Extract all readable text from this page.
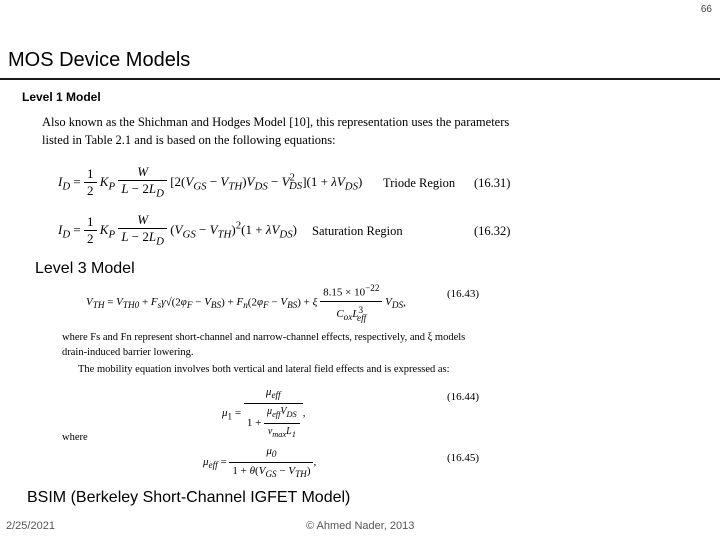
66
MOS Device Models
Level 1 Model
Also known as the Shichman and Hodges Model [10], this representation uses the parameters listed in Table 2.1 and is based on the following equations:
$I_D = \frac{1}{2} K_P \frac{W}{L - 2L_D} [2(V_{GS} - V_{TH})V_{DS} - V^2_{DS}](1 + \lambda V_{DS})$ Triode Region (16.31)
$I_D = \frac{1}{2} K_P \frac{W}{L - 2L_D} (V_{GS} - V_{TH})^2(1 + \lambda V_{DS})$ Saturation Region	(16.32)
Level 3 Model
$V_{TH} = V_{TH0} + F_s\gamma√(2\varphi_F - V_{BS}) + F_n(2\varphi_F - V_{BS}) + \xi \frac{8.15 \times 10^{-22}}{C_{ox}L^3_{eff}} V_{DS}$,
(16.43)
where Fs and Fn represent short-channel and narrow-channel effects, respectively, and ξ models drain-induced barrier lowering.
The mobility equation involves both vertical and lateral field effects and is expressed as:
$\mu_1 = \frac{\mu_{eff}}{1 + \frac{\mu_{eff}V_{DS}}{v_{max}L_1}}$ ,
(16.44)
where
$\mu_{eff} = \frac{\mu_0}{1 + \theta(V_{GS} - V_{TH})}$ ,	(16.45)
BSIM (Berkeley Short-Channel IGFET Model)
2/25/2021	© Ahmed Nader, 2013
